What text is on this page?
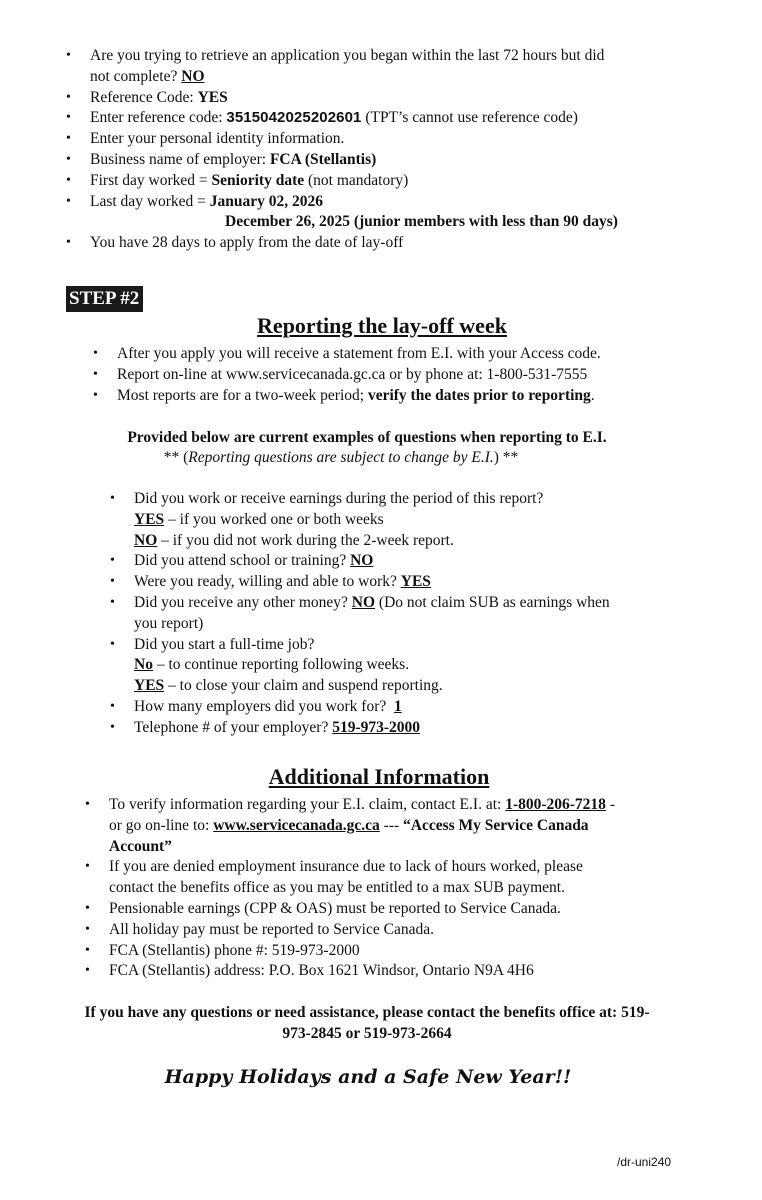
• Are you trying to retrieve an application you began within the last 72 hours but did
not complete? NO
• Reference Code: YES
• Enter reference code: 3515042025202601 (TPT’s cannot use reference code)
• Enter your personal identity information.
• Business name of employer: FCA (Stellantis)
• First day worked = Seniority date (not mandatory)
• Last day worked = January 02, 2026
December 26, 2025 (junior members with less than 90 days)
• You have 28 days to apply from the date of lay-off
STEP #2
Reporting the lay-off week
• After you apply you will receive a statement from E.I. with your Access code.
• Report on-line at www.servicecanada.gc.ca or by phone at: 1-800-531-7555
• Most reports are for a two-week period; verify the dates prior to reporting.
Provided below are current examples of questions when reporting to E.I.
** (Reporting questions are subject to change by E.I.) **
• Did you work or receive earnings during the period of this report?
YES – if you worked one or both weeks
NO – if you did not work during the 2-week report.
• Did you attend school or training? NO
• Were you ready, willing and able to work? YES
• Did you receive any other money? NO (Do not claim SUB as earnings when
you report)
• Did you start a full-time job?
No – to continue reporting following weeks.
YES – to close your claim and suspend reporting.
• How many employers did you work for? 1
• Telephone # of your employer? 519-973-2000
Additional Information
• To verify information regarding your E.I. claim, contact E.I. at: 1-800-206-7218 -
or go on-line to: www.servicecanada.gc.ca --- “Access My Service Canada
Account”
• If you are denied employment insurance due to lack of hours worked, please
contact the benefits office as you may be entitled to a max SUB payment.
• Pensionable earnings (CPP & OAS) must be reported to Service Canada.
• All holiday pay must be reported to Service Canada.
• FCA (Stellantis) phone #: 519-973-2000
• FCA (Stellantis) address: P.O. Box 1621 Windsor, Ontario N9A 4H6
If you have any questions or need assistance, please contact the benefits office at: 519-
973-2845 or 519-973-2664
Happy Holidays and a Safe New Year!!
/dr-uni240
